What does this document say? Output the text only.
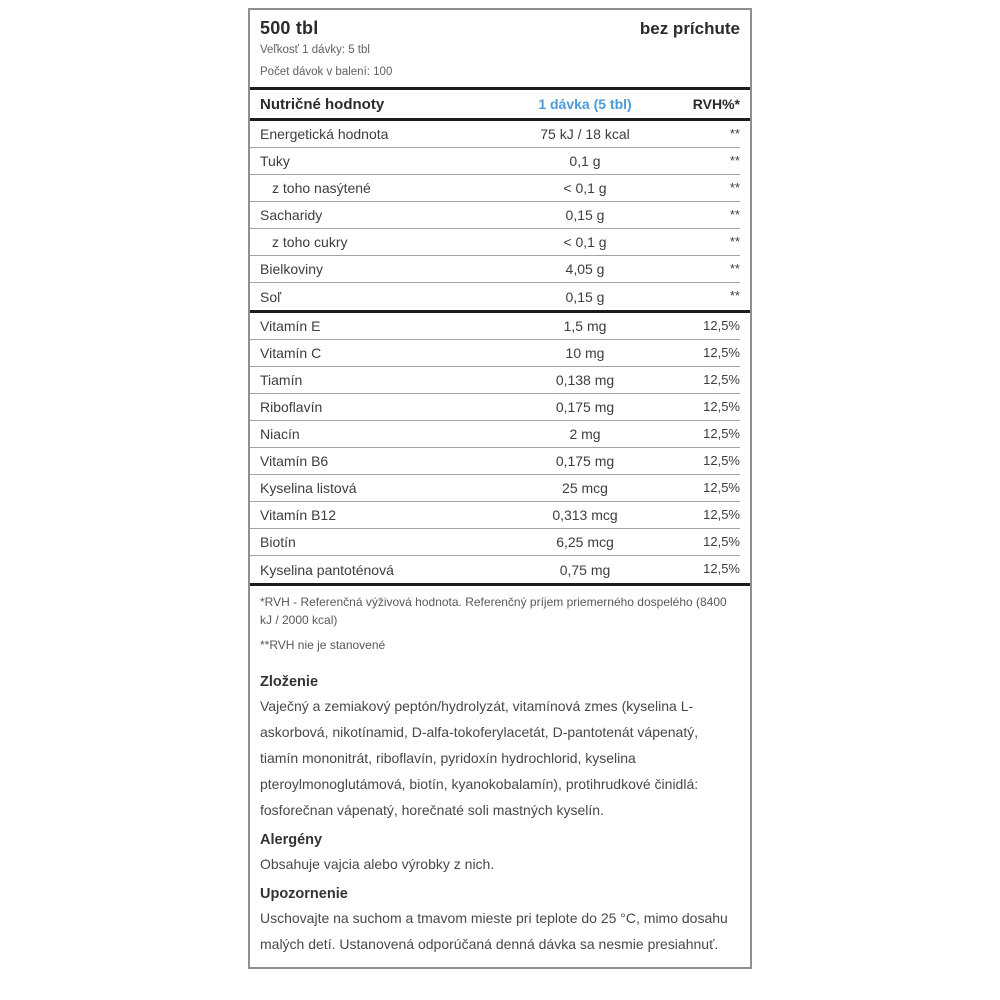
500 tbl	bez príchute
Veľkosť 1 dávky: 5 tbl
Počet dávok v balení: 100
Nutričné hodnoty	1 dávka (5 tbl)	RVH%*
Energetická hodnota	75 kJ / 18 kcal	**
Tuky	0,1 g	**
z toho nasýtené	< 0,1 g	**
Sacharidy	0,15 g	**
z toho cukry	< 0,1 g	**
Bielkoviny	4,05 g	**
Soľ	0,15 g	**
Vitamín E	1,5 mg	12,5%
Vitamín C	10 mg	12,5%
Tiamín	0,138 mg	12,5%
Riboflavín	0,175 mg	12,5%
Niacín	2 mg	12,5%
Vitamín B6	0,175 mg	12,5%
Kyselina listová	25 mcg	12,5%
Vitamín B12	0,313 mcg	12,5%
Biotín	6,25 mcg	12,5%
Kyselina pantoténová	0,75 mg	12,5%

*RVH - Referenčná výživová hodnota. Referenčný príjem priemerného dospelého (8400 kJ / 2000 kcal)

**RVH nie je stanovené

Zloženie

Vaječný a zemiakový peptón/hydrolyzát, vitamínová zmes (kyselina L-askorbová, nikotínamid, D-alfa-tokoferylacetát, D-pantotenát vápenatý, tiamín mononitrát, riboflavín, pyridoxín hydrochlorid, kyselina pteroylmonoglutámová, biotín, kyanokobalamín), protihrudkové činidlá: fosforečnan vápenatý, horečnaté soli mastných kyselín.

Alergény

Obsahuje vajcia alebo výrobky z nich.

Upozornenie

Uschovajte na suchom a tmavom mieste pri teplote do 25 °C, mimo dosahu malých detí. Ustanovená odporúčaná denná dávka sa nesmie presiahnuť.
